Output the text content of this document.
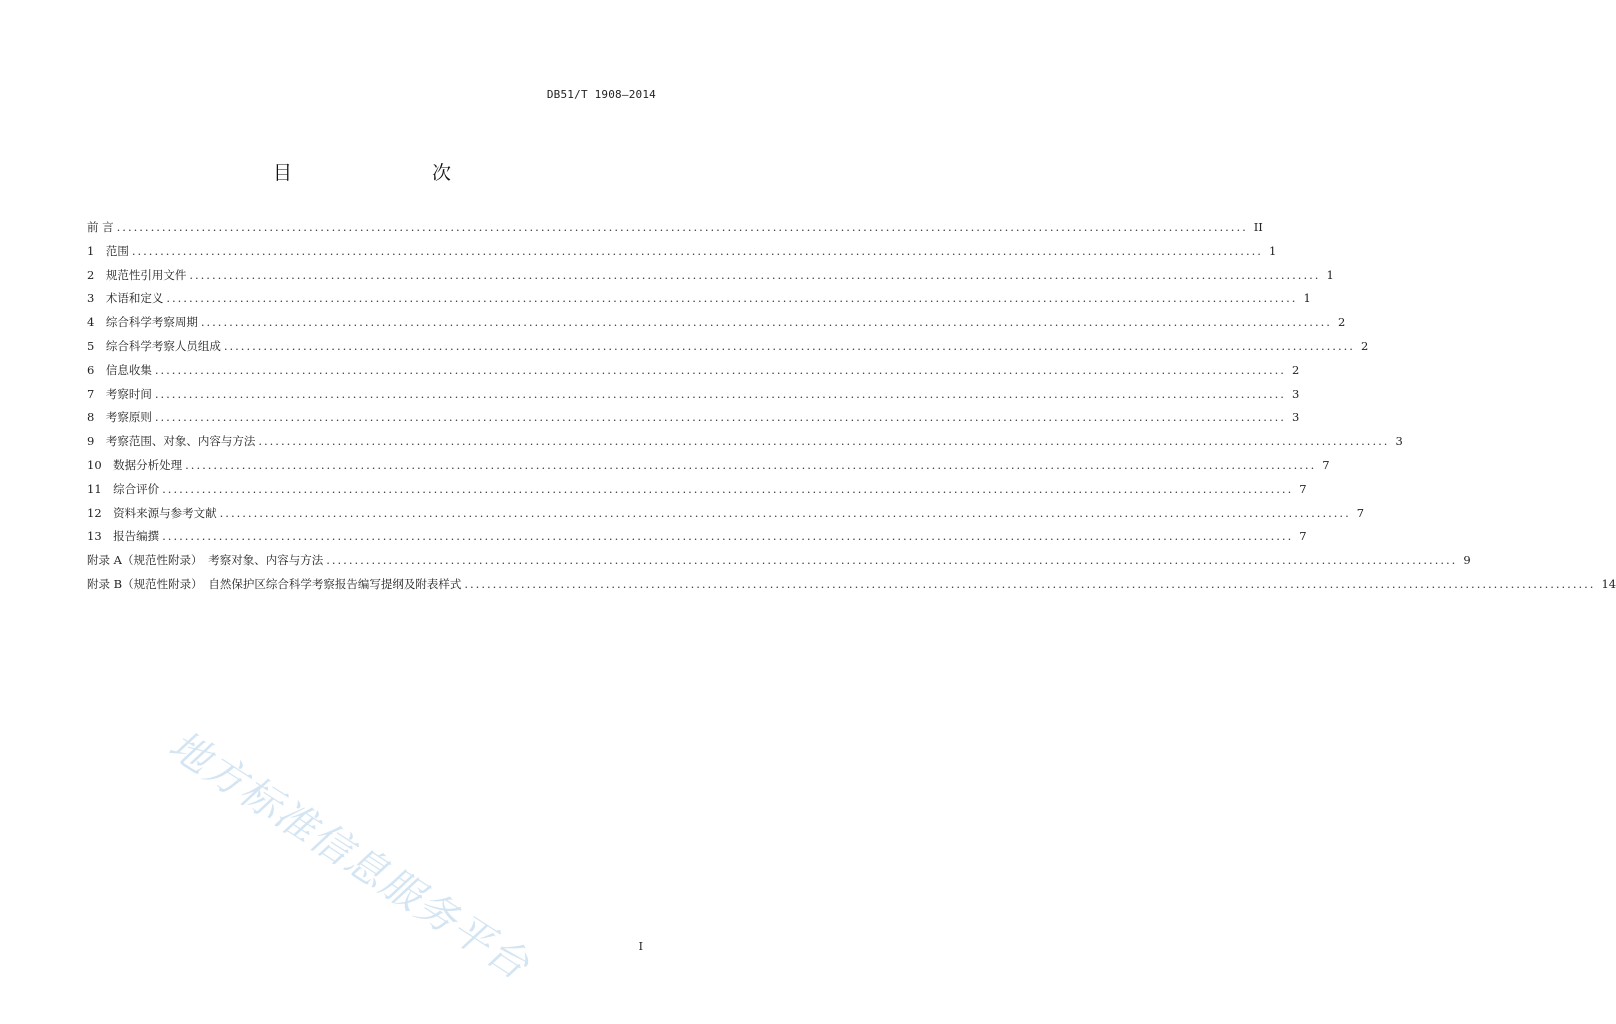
DB51/T 1908—2014
目　　次
前 言 ........................................................................................................................................................................................................ II
1　范围 ........................................................................................................................................................................................................ 1
2　规范性引用文件 ........................................................................................................................................................................................................ 1
3　术语和定义 ........................................................................................................................................................................................................ 1
4　综合科学考察周期 ........................................................................................................................................................................................................ 2
5　综合科学考察人员组成 ........................................................................................................................................................................................................ 2
6　信息收集 ........................................................................................................................................................................................................ 2
7　考察时间 ........................................................................................................................................................................................................ 3
8　考察原则 ........................................................................................................................................................................................................ 3
9　考察范围、对象、内容与方法 ........................................................................................................................................................................................................ 3
10　数据分析处理 ........................................................................................................................................................................................................ 7
11　综合评价 ........................................................................................................................................................................................................ 7
12　资料来源与参考文献 ........................................................................................................................................................................................................ 7
13　报告编撰 ........................................................................................................................................................................................................ 7
附录 A（规范性附录）　考察对象、内容与方法 ........................................................................................................................................................................................................ 9
附录 B（规范性附录）　自然保护区综合科学考察报告编写提纲及附表样式 ........................................................................................................................................................................................................ 14
地方标准信息服务平台	I
